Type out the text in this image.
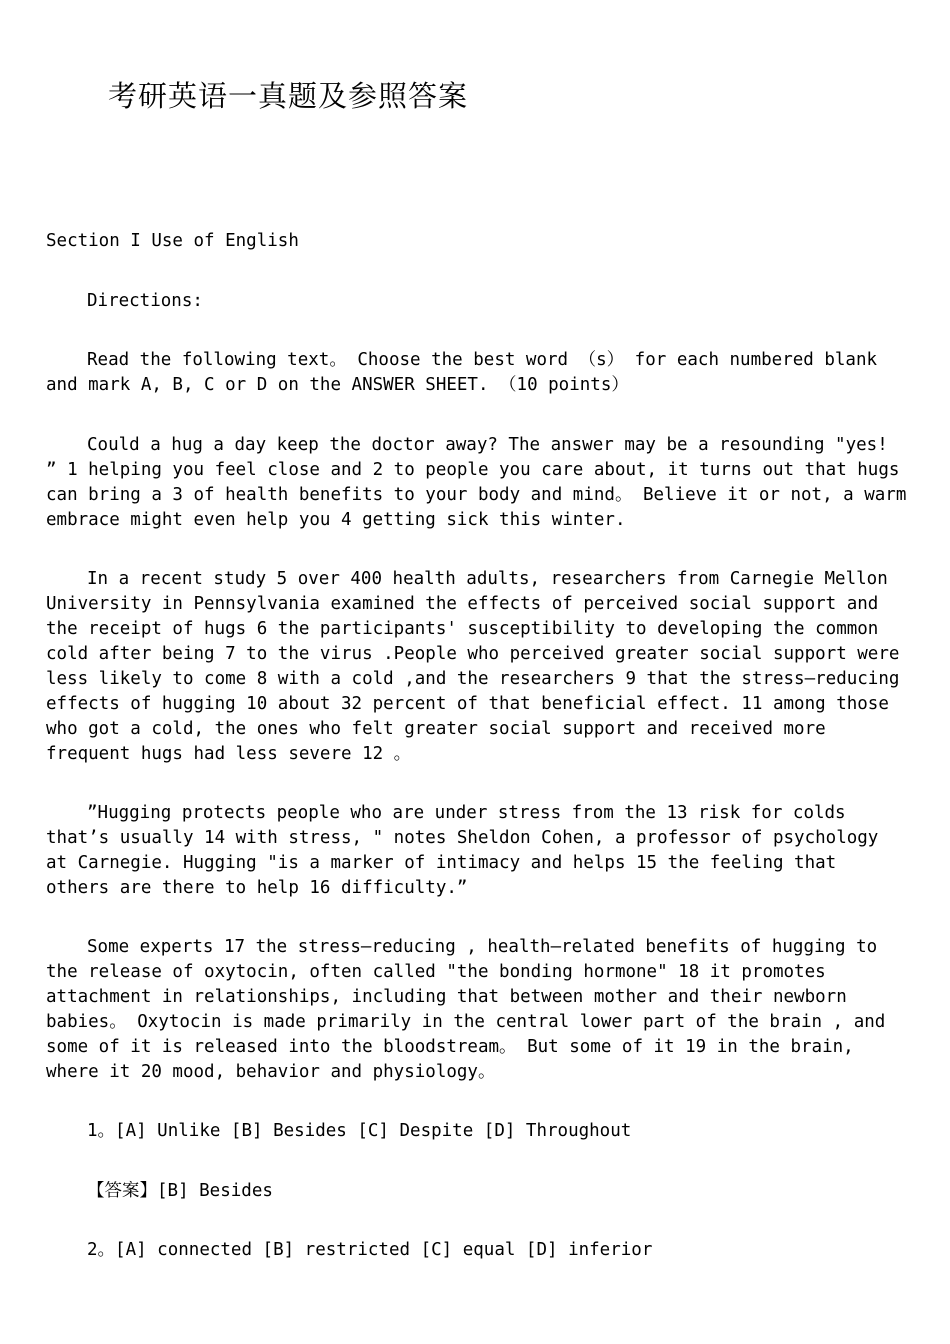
考研英语一真题及参照答案
Section I Use of English
Directions:
Read the following text。 Choose the best word （s） for each numbered blank and mark A, B, C or D on the ANSWER SHEET. （10 points）
Could a hug a day keep the doctor away? The answer may be a resounding "yes! ” 1 helping you feel close and 2 to people you care about, it turns out that hugs can bring a 3 of health benefits to your body and mind。 Believe it or not, a warm embrace might even help you 4 getting sick this winter.
In a recent study 5 over 400 health adults, researchers from Carnegie Mellon University in Pennsylvania examined the effects of perceived social support and the receipt of hugs 6 the participants' susceptibility to developing the common cold after being 7 to the virus .People who perceived greater social support were less likely to come 8 with a cold ,and the researchers 9 that the stress—reducing effects of hugging 10 about 32 percent of that beneficial effect. 11 among those who got a cold, the ones who felt greater social support and received more frequent hugs had less severe 12 。
”Hugging protects people who are under stress from the 13 risk for colds that’s usually 14 with stress, " notes Sheldon Cohen, a professor of psychology at Carnegie. Hugging "is a marker of intimacy and helps 15 the feeling that others are there to help 16 difficulty.”
Some experts 17 the stress—reducing , health—related benefits of hugging to the release of oxytocin, often called "the bonding hormone" 18 it promotes attachment in relationships, including that between mother and their newborn babies。 Oxytocin is made primarily in the central lower part of the brain , and some of it is released into the bloodstream。 But some of it 19 in the brain, where it 20 mood, behavior and physiology。
1。[A] Unlike [B] Besides [C] Despite [D] Throughout
【答案】[B] Besides
2。[A] connected [B] restricted [C] equal [D] inferior
